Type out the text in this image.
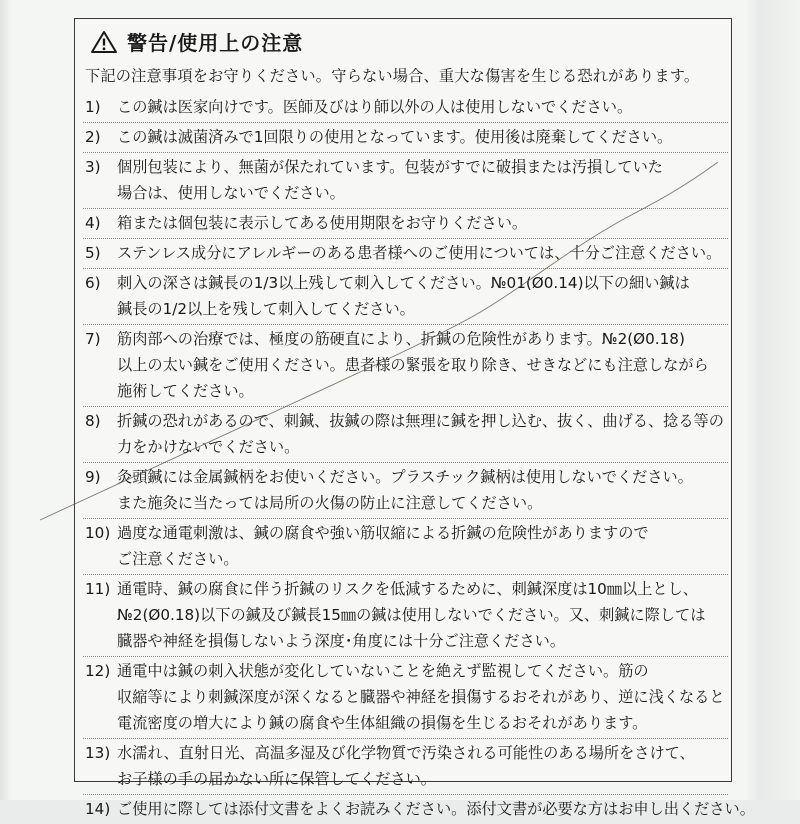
警告/使用上の注意
下記の注意事項をお守りください。守らない場合、重大な傷害を生じる恐れがあります。
1)	この鍼は医家向けです。医師及びはり師以外の人は使用しないでください。
2)	この鍼は滅菌済みで1回限りの使用となっています。使用後は廃棄してください。
3)	個別包装により、無菌が保たれています。包装がすでに破損または汚損していた
場合は、使用しないでください。
4)	箱または個包装に表示してある使用期限をお守りください。
5)	ステンレス成分にアレルギーのある患者様へのご使用については、十分ご注意ください。
6)	刺入の深さは鍼長の1/3以上残して刺入してください。№01(Ø0.14)以下の細い鍼は
鍼長の1/2以上を残して刺入してください。
7)	筋肉部への治療では、極度の筋硬直により、折鍼の危険性があります。№2(Ø0.18)
以上の太い鍼をご使用ください。患者様の緊張を取り除き、せきなどにも注意しながら
施術してください。
8)	折鍼の恐れがあるので、刺鍼、抜鍼の際は無理に鍼を押し込む、抜く、曲げる、捻る等の
力をかけないでください。
9)	灸頭鍼には金属鍼柄をお使いください。プラスチック鍼柄は使用しないでください。
また施灸に当たっては局所の火傷の防止に注意してください。
10) 過度な通電刺激は、鍼の腐食や強い筋収縮による折鍼の危険性がありますので
ご注意ください。
11) 通電時、鍼の腐食に伴う折鍼のリスクを低減するために、刺鍼深度は10㎜以上とし、
№2(Ø0.18)以下の鍼及び鍼長15㎜の鍼は使用しないでください。又、刺鍼に際しては
臓器や神経を損傷しないよう深度･角度には十分ご注意ください。
12) 通電中は鍼の刺入状態が変化していないことを絶えず監視してください。筋の
収縮等により刺鍼深度が深くなると臓器や神経を損傷するおそれがあり、逆に浅くなると
電流密度の増大により鍼の腐食や生体組織の損傷を生じるおそれがあります。
13) 水濡れ、直射日光、高温多湿及び化学物質で汚染される可能性のある場所をさけて、
お子様の手の届かない所に保管してください。
14) ご使用に際しては添付文書をよくお読みください。添付文書が必要な方はお申し出ください。
